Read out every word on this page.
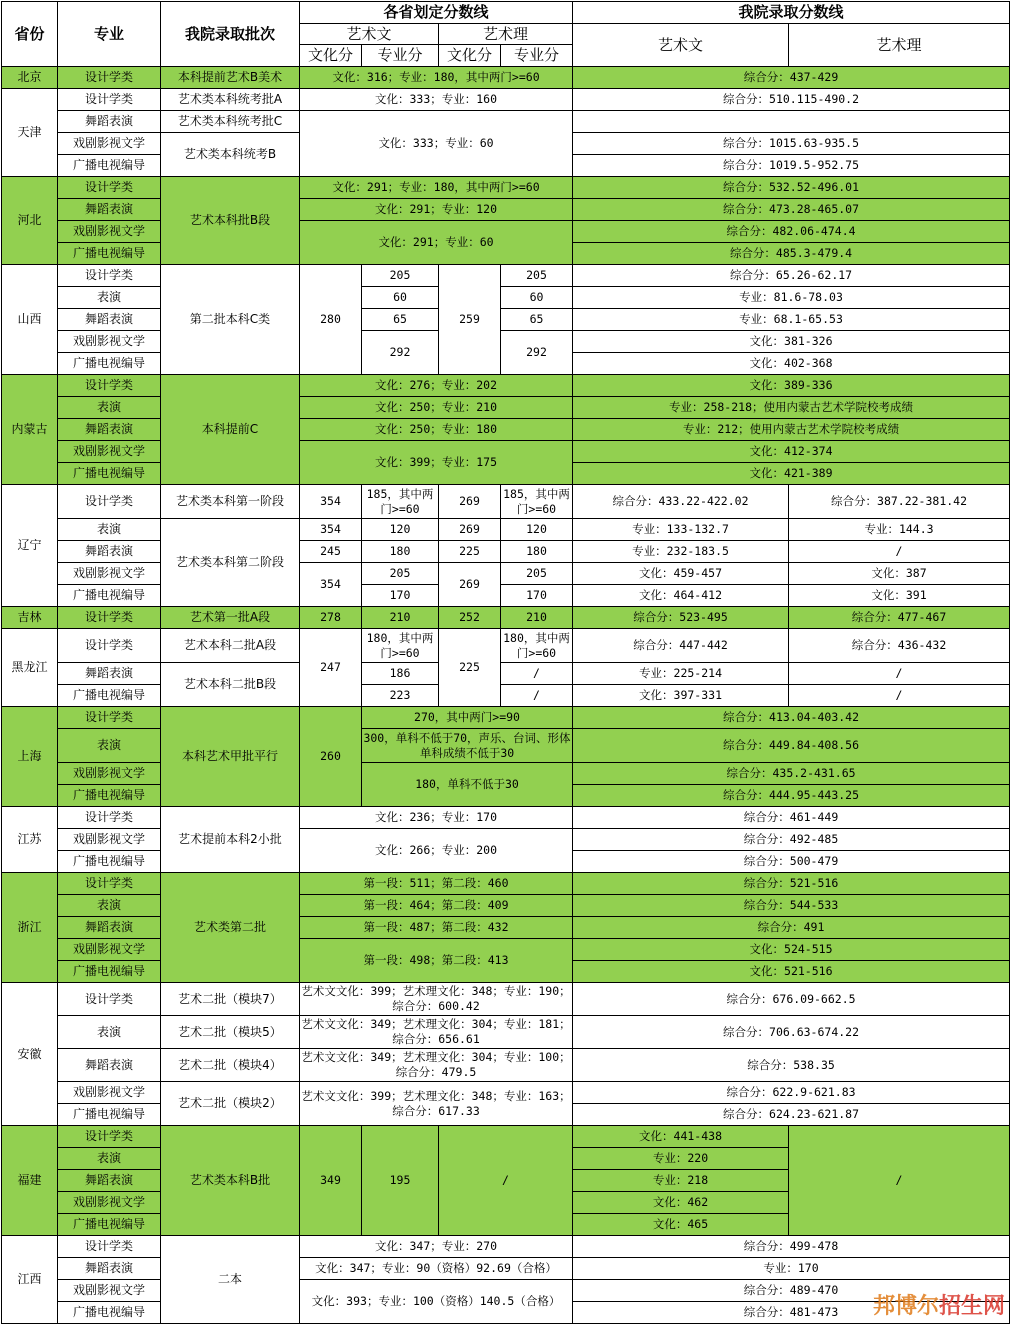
省份	专业	我院录取批次	各省划定分数线				我院录取分数线	
			艺术文		艺术理		艺术文	艺术理
			文化分	专业分	文化分	专业分		
北京	设计学类	本科提前艺术B美术	文化：316；专业：180，其中两门>=60				综合分：437-429	
天津	设计学类	艺术类本科统考批A	文化：333；专业：160				综合分：510.115-490.2	
	舞蹈表演	艺术类本科统考批C	文化：333；专业：60					
	戏剧影视文学	艺术类本科统考B					综合分：1015.63-935.5	
	广播电视编导						综合分：1019.5-952.75	
河北	设计学类	艺术本科批B段	文化：291；专业：180，其中两门>=60				综合分：532.52-496.01	
	舞蹈表演		文化：291；专业：120				综合分：473.28-465.07	
	戏剧影视文学		文化：291；专业：60				综合分：482.06-474.4	
	广播电视编导						综合分：485.3-479.4	
山西	设计学类	第二批本科C类	280	205	259	205	综合分：65.26-62.17	
	表演			60		60	专业：81.6-78.03	
	舞蹈表演			65		65	专业：68.1-65.53	
	戏剧影视文学			292		292	文化：381-326	
	广播电视编导						文化：402-368	
内蒙古	设计学类	本科提前C	文化：276；专业：202				文化：389-336	
	表演		文化：250；专业：210				专业：258-218；使用内蒙古艺术学院校考成绩	
	舞蹈表演		文化：250；专业：180				专业：212；使用内蒙古艺术学院校考成绩	
	戏剧影视文学		文化：399；专业：175				文化：412-374	
	广播电视编导						文化：421-389	
辽宁	设计学类	艺术类本科第一阶段	354	185，其中两门>=60	269	185，其中两门>=60	综合分：433.22-422.02	综合分：387.22-381.42
	表演	艺术类本科第二阶段	354	120	269	120	专业：133-132.7	专业：144.3
	舞蹈表演		245	180	225	180	专业：232-183.5	/
	戏剧影视文学		354	205	269	205	文化：459-457	文化：387
	广播电视编导			170		170	文化：464-412	文化：391
吉林	设计学类	艺术第一批A段	278	210	252	210	综合分：523-495	综合分：477-467
黑龙江	设计学类	艺术本科二批A段	247	180，其中两门>=60	225	180，其中两门>=60	综合分：447-442	综合分：436-432
	舞蹈表演	艺术本科二批B段		186		/	专业：225-214	/
	广播电视编导			223		/	文化：397-331	/
上海	设计学类	本科艺术甲批平行	260	270，其中两门>=90			综合分：413.04-403.42	
	表演			300，单科不低于70，声乐、台词、形体单科成绩不低于30			综合分：449.84-408.56	
	戏剧影视文学			180，单科不低于30			综合分：435.2-431.65	
	广播电视编导						综合分：444.95-443.25	
江苏	设计学类	艺术提前本科2小批	文化：236；专业：170				综合分：461-449	
	戏剧影视文学		文化：266；专业：200				综合分：492-485	
	广播电视编导						综合分：500-479	
浙江	设计学类	艺术类第二批	第一段：511；第二段：460				综合分：521-516	
	表演		第一段：464；第二段：409				综合分：544-533	
	舞蹈表演		第一段：487；第二段：432				综合分：491	
	戏剧影视文学		第一段：498；第二段：413				文化：524-515	
	广播电视编导						文化：521-516	
安徽	设计学类	艺术二批（模块7）	艺术文文化：399；艺术理文化：348；专业：190；综合分：600.42				综合分：676.09-662.5	
	表演	艺术二批（模块5）	艺术文文化：349；艺术理文化：304；专业：181；综合分：656.61				综合分：706.63-674.22	
	舞蹈表演	艺术二批（模块4）	艺术文文化：349；艺术理文化：304；专业：100；综合分：479.5				综合分：538.35	
	戏剧影视文学	艺术二批（模块2）	艺术文文化：399；艺术理文化：348；专业：163；综合分：617.33				综合分：622.9-621.83	
	广播电视编导						综合分：624.23-621.87	
福建	设计学类	艺术类本科B批	349	195	/		文化：441-438	/
	表演						专业：220	
	舞蹈表演						专业：218	
	戏剧影视文学						文化：462	
	广播电视编导						文化：465	
江西	设计学类	二本	文化：347；专业：270				综合分：499-478	
	舞蹈表演		文化：347；专业：90（资格）92.69（合格）				专业：170	
	戏剧影视文学		文化：393；专业：100（资格）140.5（合格）				综合分：489-470	
	广播电视编导						综合分：481-473	邦博尔招生网
